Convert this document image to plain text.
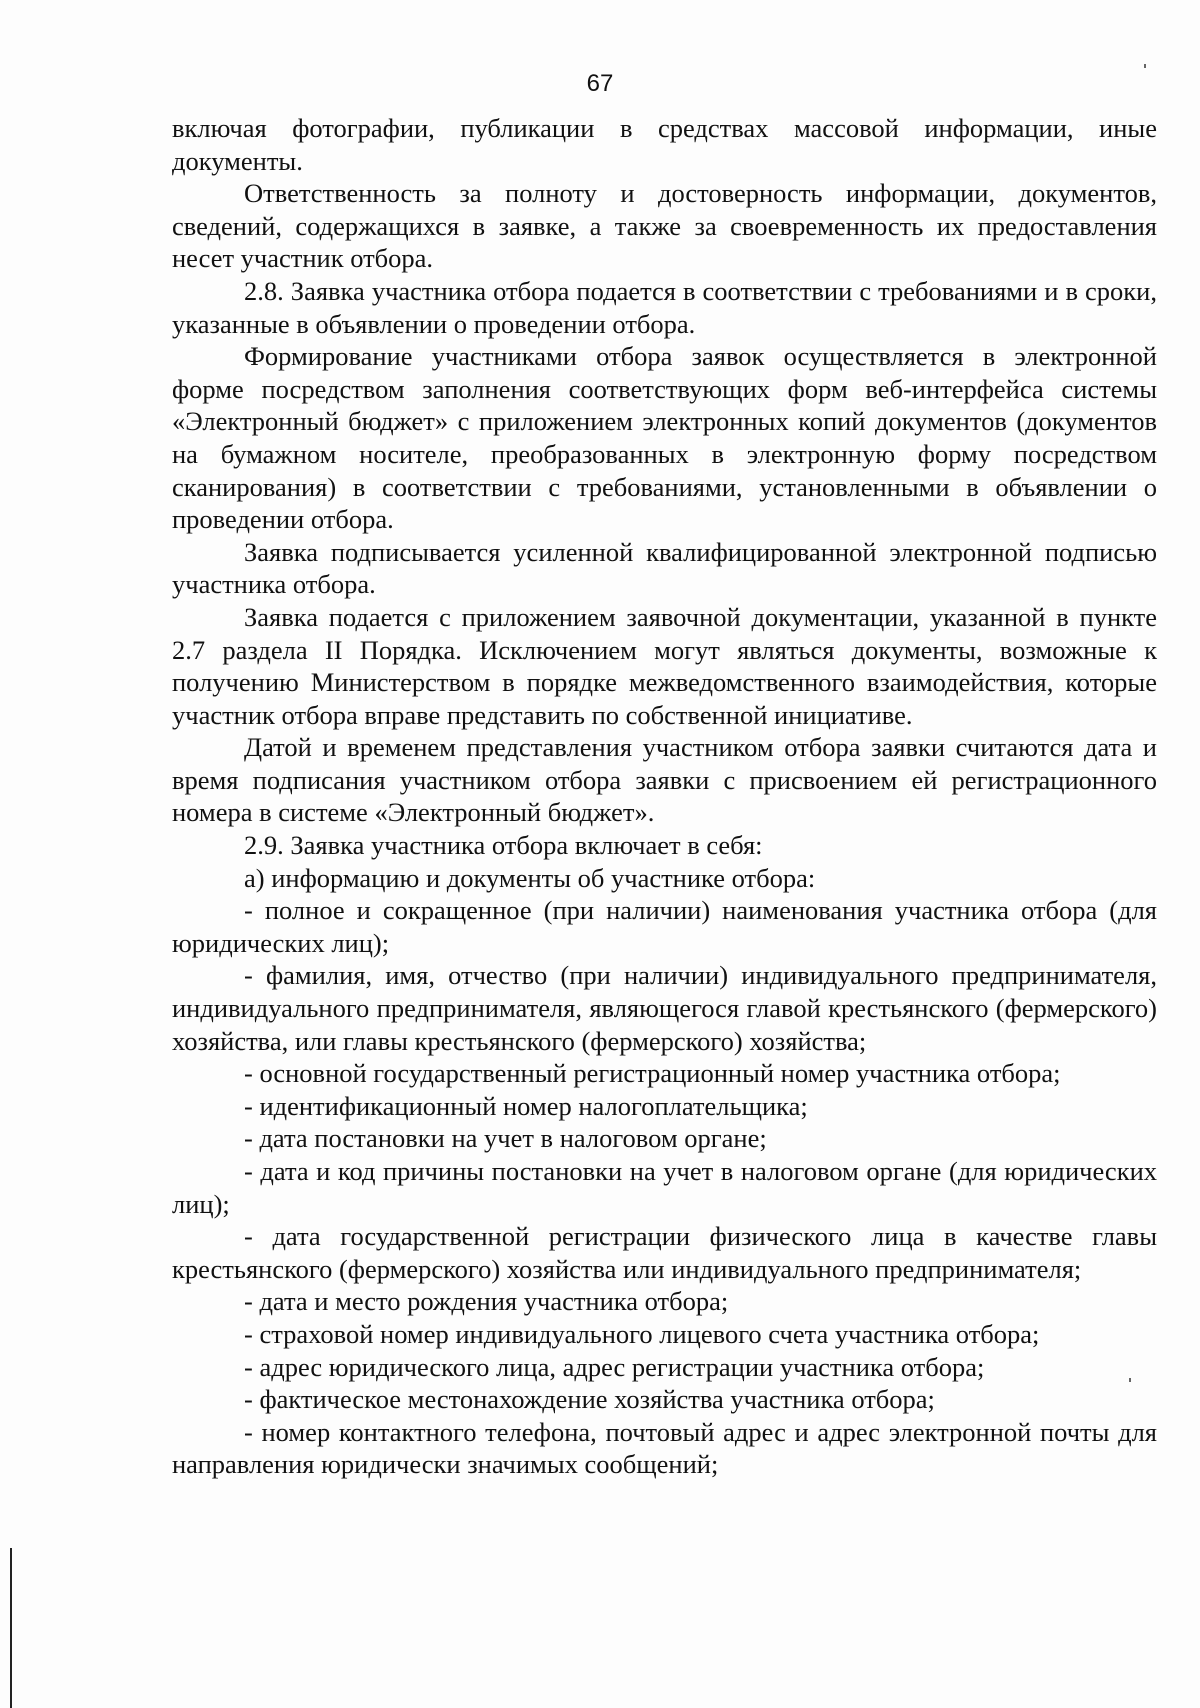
67

включая фотографии, публикации в средствах массовой информации, иные документы.

Ответственность за полноту и достоверность информации, документов, сведений, содержащихся в заявке, а также за своевременность их предоставления несет участник отбора.

2.8. Заявка участника отбора подается в соответствии с требованиями и в сроки, указанные в объявлении о проведении отбора.

Формирование участниками отбора заявок осуществляется в электронной форме посредством заполнения соответствующих форм веб-интерфейса системы «Электронный бюджет» с приложением электронных копий документов (документов на бумажном носителе, преобразованных в электронную форму посредством сканирования) в соответствии с требованиями, установленными в объявлении о проведении отбора.

Заявка подписывается усиленной квалифицированной электронной подписью участника отбора.

Заявка подается с приложением заявочной документации, указанной в пункте 2.7 раздела II Порядка. Исключением могут являться документы, возможные к получению Министерством в порядке межведомственного взаимодействия, которые участник отбора вправе представить по собственной инициативе.

Датой и временем представления участником отбора заявки считаются дата и время подписания участником отбора заявки с присвоением ей регистрационного номера в системе «Электронный бюджет».

2.9. Заявка участника отбора включает в себя:

а) информацию и документы об участнике отбора:

- полное и сокращенное (при наличии) наименования участника отбора (для юридических лиц);

- фамилия, имя, отчество (при наличии) индивидуального предпринимателя, индивидуального предпринимателя, являющегося главой крестьянского (фермерского) хозяйства, или главы крестьянского (фермерского) хозяйства;

- основной государственный регистрационный номер участника отбора;

- идентификационный номер налогоплательщика;

- дата постановки на учет в налоговом органе;

- дата и код причины постановки на учет в налоговом органе (для юридических лиц);

- дата государственной регистрации физического лица в качестве главы крестьянского (фермерского) хозяйства или индивидуального предпринимателя;

- дата и место рождения участника отбора;

- страховой номер индивидуального лицевого счета участника отбора;

- адрес юридического лица, адрес регистрации участника отбора;

- фактическое местонахождение хозяйства участника отбора;

- номер контактного телефона, почтовый адрес и адрес электронной почты для направления юридически значимых сообщений;
